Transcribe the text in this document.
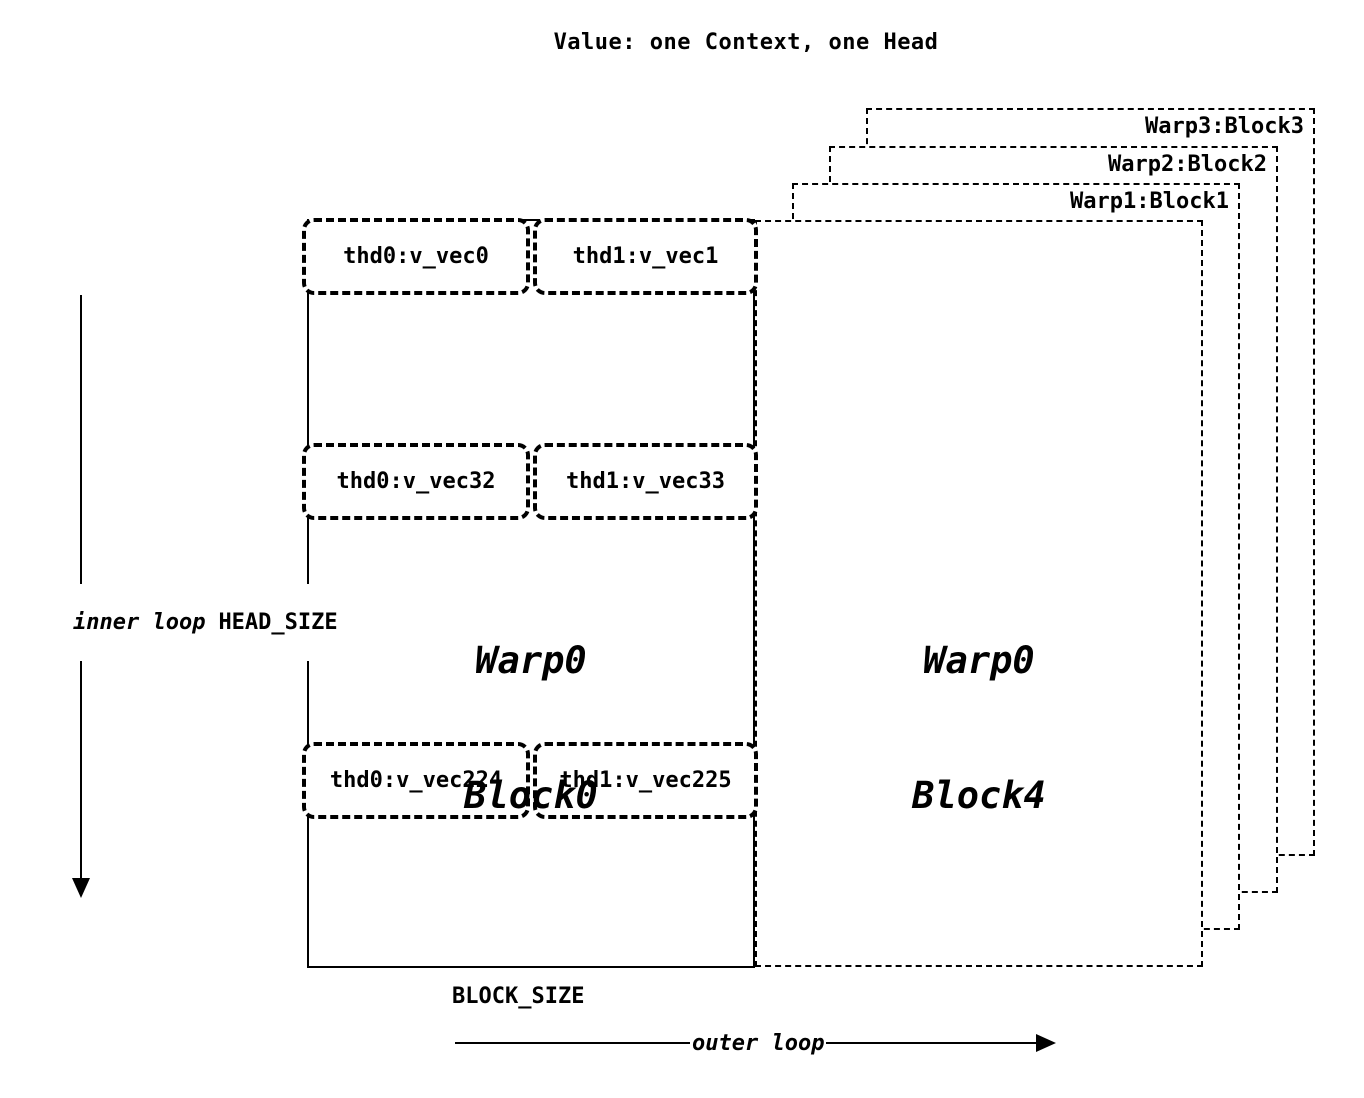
Value: one Context, one Head
Warp3:Block3
Warp2:Block2
Warp1:Block1
thd0:v_vec0	thd1:v_vec1
thd0:v_vec32	thd1:v_vec33
thd0:v_vec224	thd1:v_vec225

Warp0

Block0

Warp0

Block4

inner loop HEAD_SIZE

BLOCK_SIZE
outer loop
